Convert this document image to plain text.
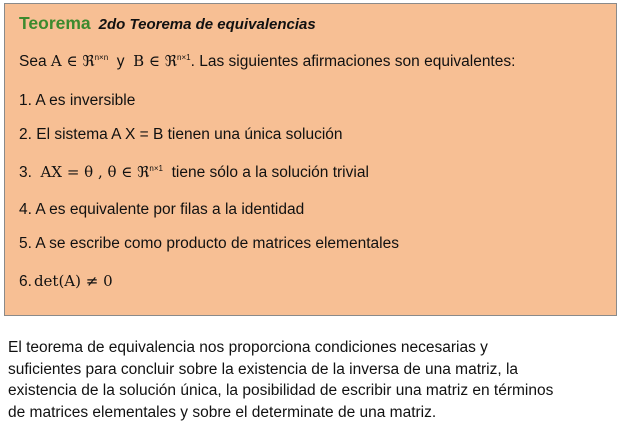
Teorema 2do Teorema de equivalencias
Sea A ∈ ℜ$^{n\times n}$  y  B ∈ ℜ$^{n\times 1}$. Las siguientes afirmaciones son equivalentes:
1. A es inversible
2. El sistema A X = B tienen una única solución
3.  AX = θ , θ ∈ ℜ$^{n\times 1}$  tiene sólo a la solución trivial
4. A es equivalente por filas a la identidad
5. A se escribe como producto de matrices elementales
6. det(A) ≠ 0
El teorema de equivalencia nos proporciona condiciones necesarias y
suficientes para concluir sobre la existencia de la inversa de una matriz, la
existencia de la solución única, la posibilidad de escribir una matriz en términos
de matrices elementales y sobre el determinate de una matriz.
